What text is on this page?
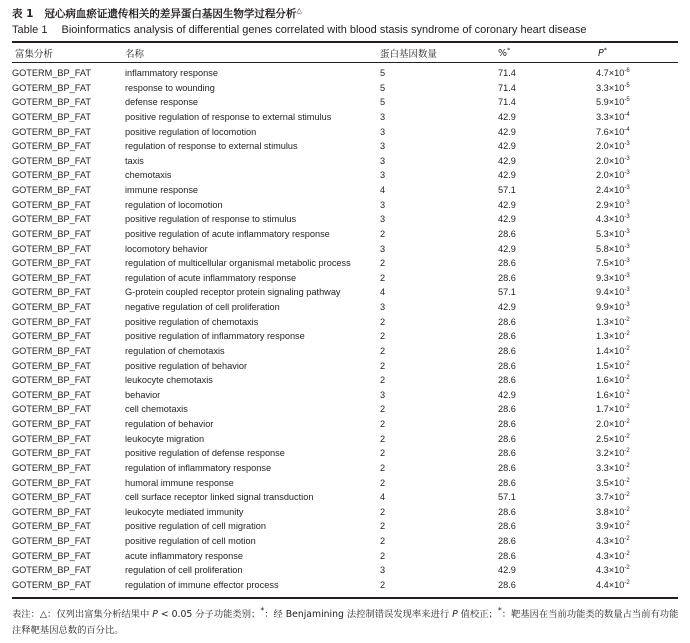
表 1 冠心病血瘀证遗传相关的差异蛋白基因生物学过程分析△
Table 1 Bioinformatics analysis of differential genes correlated with blood stasis syndrome of coronary heart disease
富集分析	名称	蛋白基因数量	%*	P*
GOTERM_BP_FAT	inflammatory response	5	71.4	$4.7\times 10^{-6}$
GOTERM_BP_FAT	response to wounding	5	71.4	$3.3\times 10^{-5}$
GOTERM_BP_FAT	defense response	5	71.4	$5.9\times 10^{-5}$
GOTERM_BP_FAT	positive regulation of response to external stimulus	3	42.9	$3.3\times 10^{-4}$
GOTERM_BP_FAT	positive regulation of locomotion	3	42.9	$7.6\times 10^{-4}$
GOTERM_BP_FAT	regulation of response to external stimulus	3	42.9	$2.0\times 10^{-3}$
GOTERM_BP_FAT	taxis	3	42.9	$2.0\times 10^{-3}$
GOTERM_BP_FAT	chemotaxis	3	42.9	$2.0\times 10^{-3}$
GOTERM_BP_FAT	immune response	4	57.1	$2.4\times 10^{-3}$
GOTERM_BP_FAT	regulation of locomotion	3	42.9	$2.9\times 10^{-3}$
GOTERM_BP_FAT	positive regulation of response to stimulus	3	42.9	$4.3\times 10^{-3}$
GOTERM_BP_FAT	positive regulation of acute inflammatory response	2	28.6	$5.3\times 10^{-3}$
GOTERM_BP_FAT	locomotory behavior	3	42.9	$5.8\times 10^{-3}$
GOTERM_BP_FAT	regulation of multicellular organismal metabolic process	2	28.6	$7.5\times 10^{-3}$
GOTERM_BP_FAT	regulation of acute inflammatory response	2	28.6	$9.3\times 10^{-3}$
GOTERM_BP_FAT	G-protein coupled receptor protein signaling pathway	4	57.1	$9.4\times 10^{-3}$
GOTERM_BP_FAT	negative regulation of cell proliferation	3	42.9	$9.9\times 10^{-3}$
GOTERM_BP_FAT	positive regulation of chemotaxis	2	28.6	$1.3\times 10^{-2}$
GOTERM_BP_FAT	positive regulation of inflammatory response	2	28.6	$1.3\times 10^{-2}$
GOTERM_BP_FAT	regulation of chemotaxis	2	28.6	$1.4\times 10^{-2}$
GOTERM_BP_FAT	positive regulation of behavior	2	28.6	$1.5\times 10^{-2}$
GOTERM_BP_FAT	leukocyte chemotaxis	2	28.6	$1.6\times 10^{-2}$
GOTERM_BP_FAT	behavior	3	42.9	$1.6\times 10^{-2}$
GOTERM_BP_FAT	cell chemotaxis	2	28.6	$1.7\times 10^{-2}$
GOTERM_BP_FAT	regulation of behavior	2	28.6	$2.0\times 10^{-2}$
GOTERM_BP_FAT	leukocyte migration	2	28.6	$2.5\times 10^{-2}$
GOTERM_BP_FAT	positive regulation of defense response	2	28.6	$3.2\times 10^{-2}$
GOTERM_BP_FAT	regulation of inflammatory response	2	28.6	$3.3\times 10^{-2}$
GOTERM_BP_FAT	humoral immune response	2	28.6	$3.5\times 10^{-2}$
GOTERM_BP_FAT	cell surface receptor linked signal transduction	4	57.1	$3.7\times 10^{-2}$
GOTERM_BP_FAT	leukocyte mediated immunity	2	28.6	$3.8\times 10^{-2}$
GOTERM_BP_FAT	positive regulation of cell migration	2	28.6	$3.9\times 10^{-2}$
GOTERM_BP_FAT	positive regulation of cell motion	2	28.6	$4.3\times 10^{-2}$
GOTERM_BP_FAT	acute inflammatory response	2	28.6	$4.3\times 10^{-2}$
GOTERM_BP_FAT	regulation of cell proliferation	3	42.9	$4.3\times 10^{-2}$
GOTERM_BP_FAT	regulation of immune effector process	2	28.6	$4.4\times 10^{-2}$
表注：△：仅列出富集分析结果中 P < 0.05 分子功能类别；*：经 Benjamining 法控制错误发现率来进行 P 值校正；*：靶基因在当前功能类的数量占当前有功能注释靶基因总数的百分比。
